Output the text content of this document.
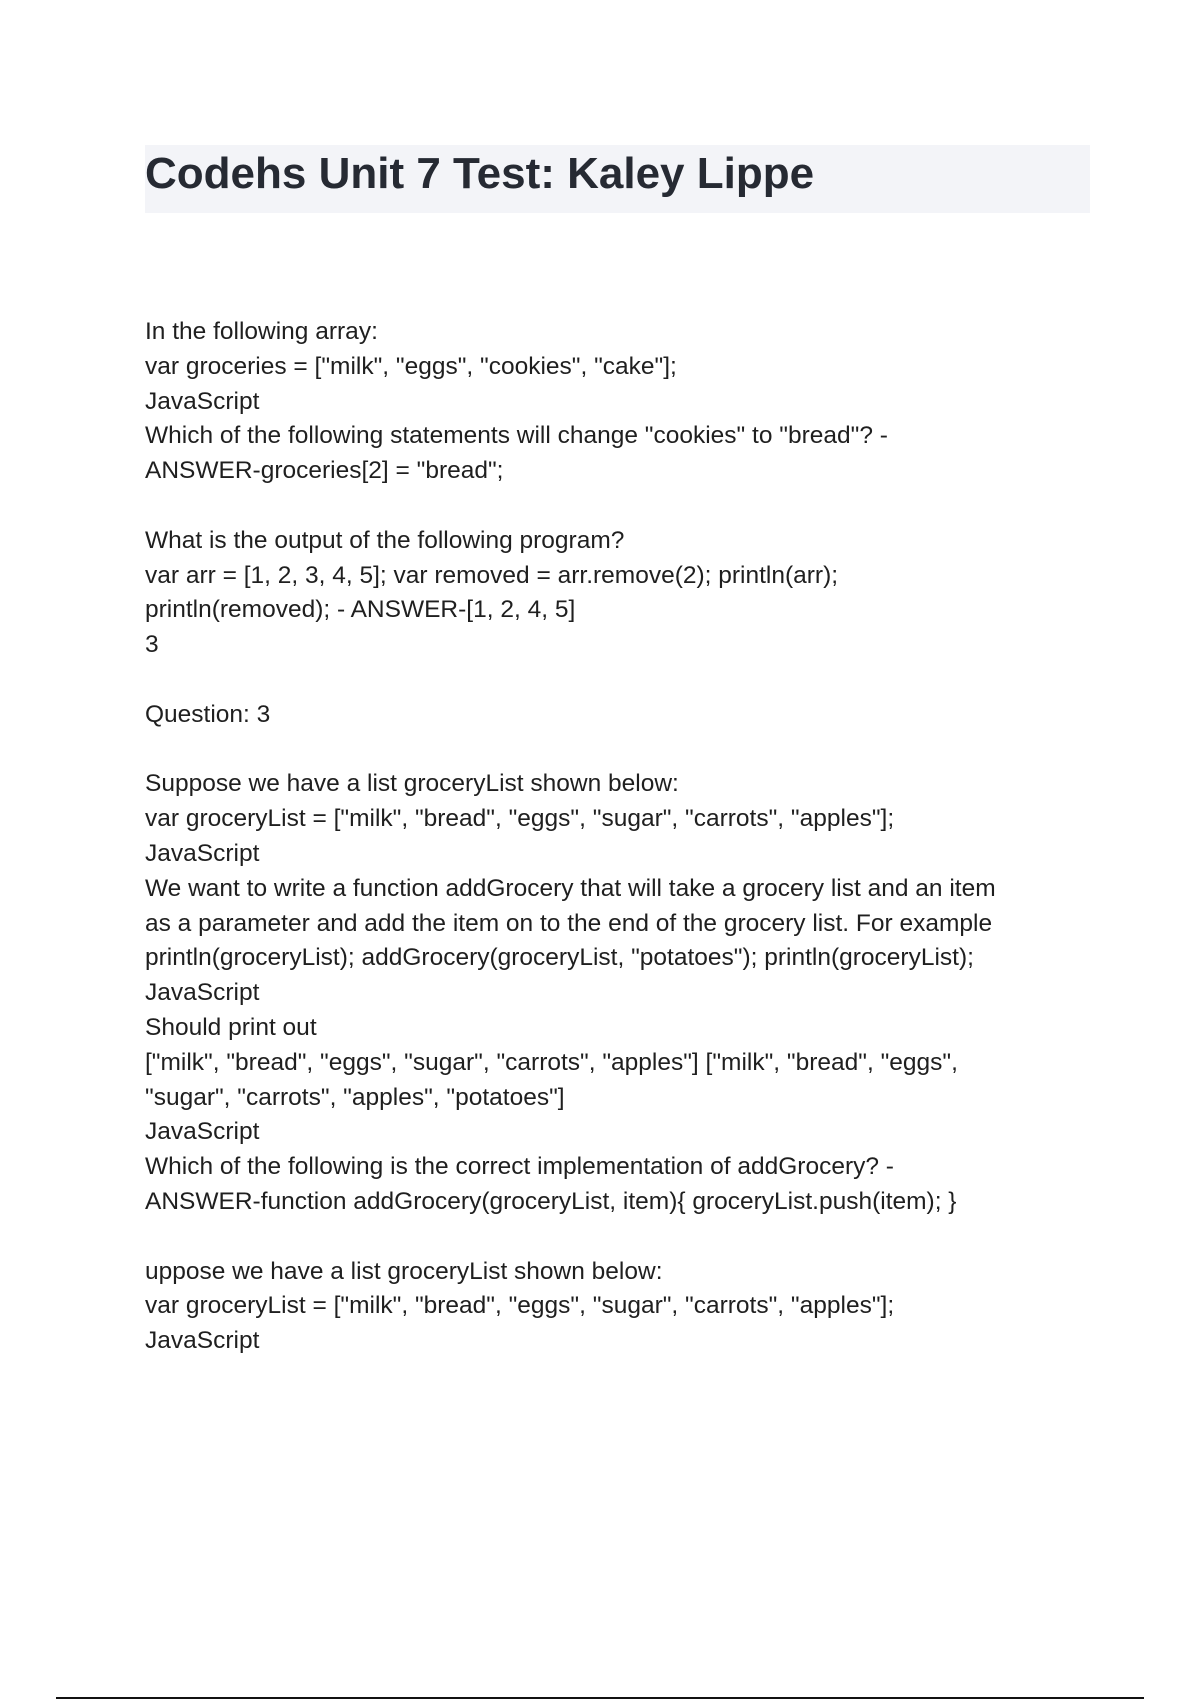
Codehs Unit 7 Test: Kaley Lippe
In the following array:
var groceries = ["milk", "eggs", "cookies", "cake"];
JavaScript
Which of the following statements will change "cookies" to "bread"? -
ANSWER-groceries[2] = "bread";
What is the output of the following program?
var arr = [1, 2, 3, 4, 5]; var removed = arr.remove(2); println(arr);
println(removed); - ANSWER-[1, 2, 4, 5]
3
Question: 3
Suppose we have a list groceryList shown below:
var groceryList = ["milk", "bread", "eggs", "sugar", "carrots", "apples"];
JavaScript
We want to write a function addGrocery that will take a grocery list and an item
as a parameter and add the item on to the end of the grocery list. For example
println(groceryList); addGrocery(groceryList, "potatoes"); println(groceryList);
JavaScript
Should print out
["milk", "bread", "eggs", "sugar", "carrots", "apples"] ["milk", "bread", "eggs",
"sugar", "carrots", "apples", "potatoes"]
JavaScript
Which of the following is the correct implementation of addGrocery? -
ANSWER-function addGrocery(groceryList, item){ groceryList.push(item); }
uppose we have a list groceryList shown below:
var groceryList = ["milk", "bread", "eggs", "sugar", "carrots", "apples"];
JavaScript
